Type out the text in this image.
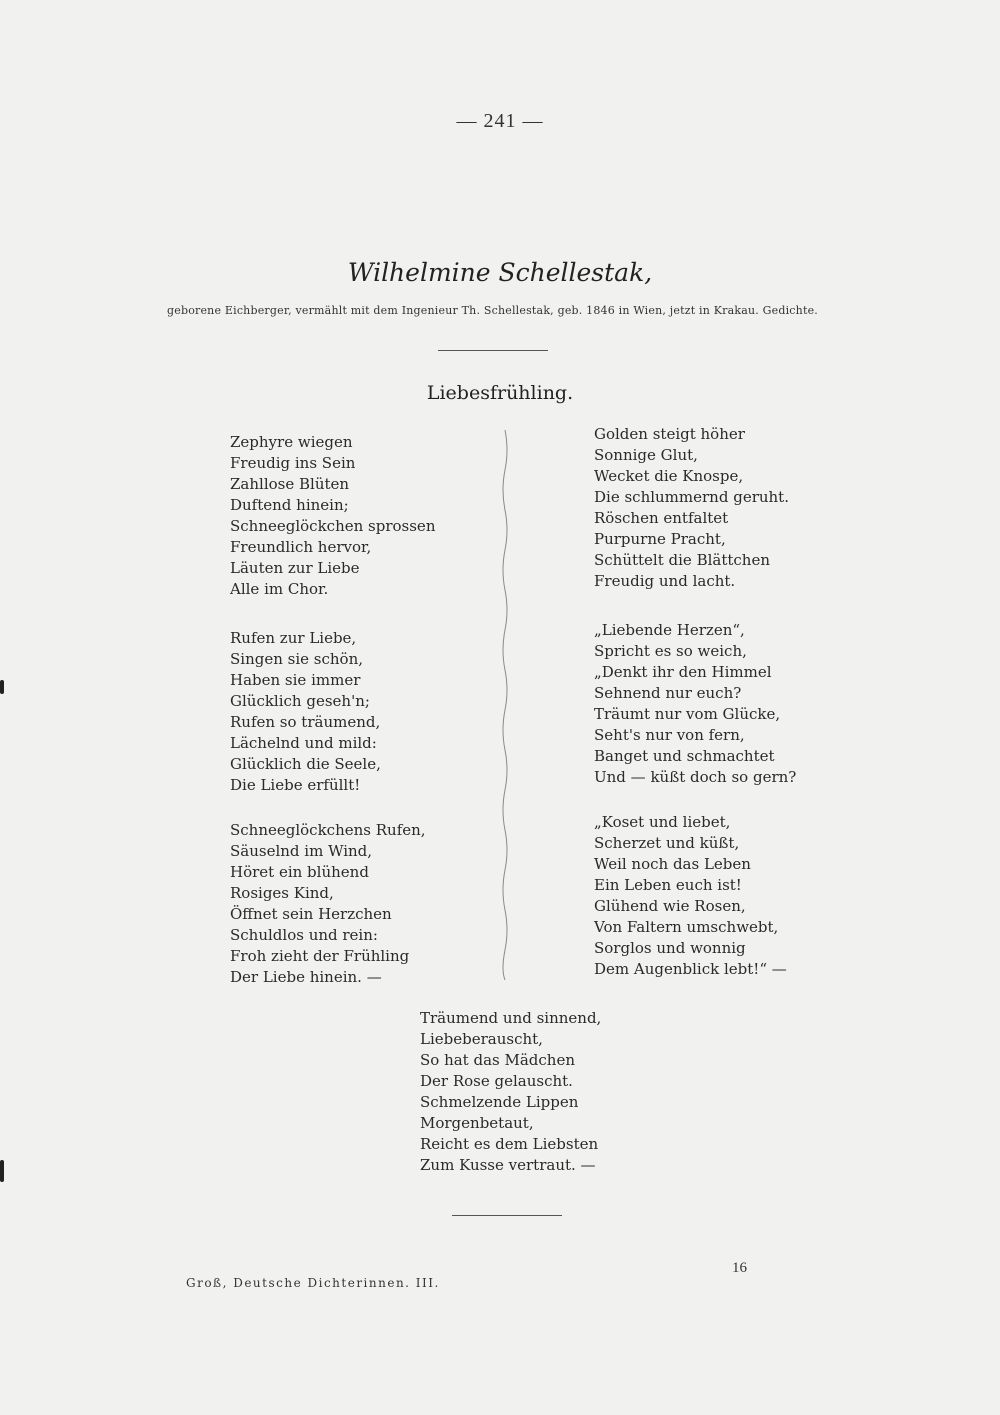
— 241 —
Wilhelmine Schellestak,
geborene Eichberger, vermählt mit dem Ingenieur Th. Schellestak, geb. 1846 in Wien, jetzt in Krakau. Gedichte.
Liebesfrühling.
Zephyre wiegen
Freudig ins Sein
Zahllose Blüten
Duftend hinein;
Schneeglöckchen sprossen
Freundlich hervor,
Läuten zur Liebe
Alle im Chor.
Rufen zur Liebe,
Singen sie schön,
Haben sie immer
Glücklich geseh'n;
Rufen so träumend,
Lächelnd und mild:
Glücklich die Seele,
Die Liebe erfüllt!
Schneeglöckchens Rufen,
Säuselnd im Wind,
Höret ein blühend
Rosiges Kind,
Öffnet sein Herzchen
Schuldlos und rein:
Froh zieht der Frühling
Der Liebe hinein. —
Golden steigt höher
Sonnige Glut,
Wecket die Knospe,
Die schlummernd geruht.
Röschen entfaltet
Purpurne Pracht,
Schüttelt die Blättchen
Freudig und lacht.
„Liebende Herzen“,
Spricht es so weich,
„Denkt ihr den Himmel
Sehnend nur euch?
Träumt nur vom Glücke,
Seht's nur von fern,
Banget und schmachtet
Und — küßt doch so gern?
„Koset und liebet,
Scherzet und küßt,
Weil noch das Leben
Ein Leben euch ist!
Glühend wie Rosen,
Von Faltern umschwebt,
Sorglos und wonnig
Dem Augenblick lebt!“ —
Träumend und sinnend,
Liebeberauscht,
So hat das Mädchen
Der Rose gelauscht.
Schmelzende Lippen
Morgenbetaut,
Reicht es dem Liebsten
Zum Kusse vertraut. —
Groß, Deutsche Dichterinnen. III.
16
